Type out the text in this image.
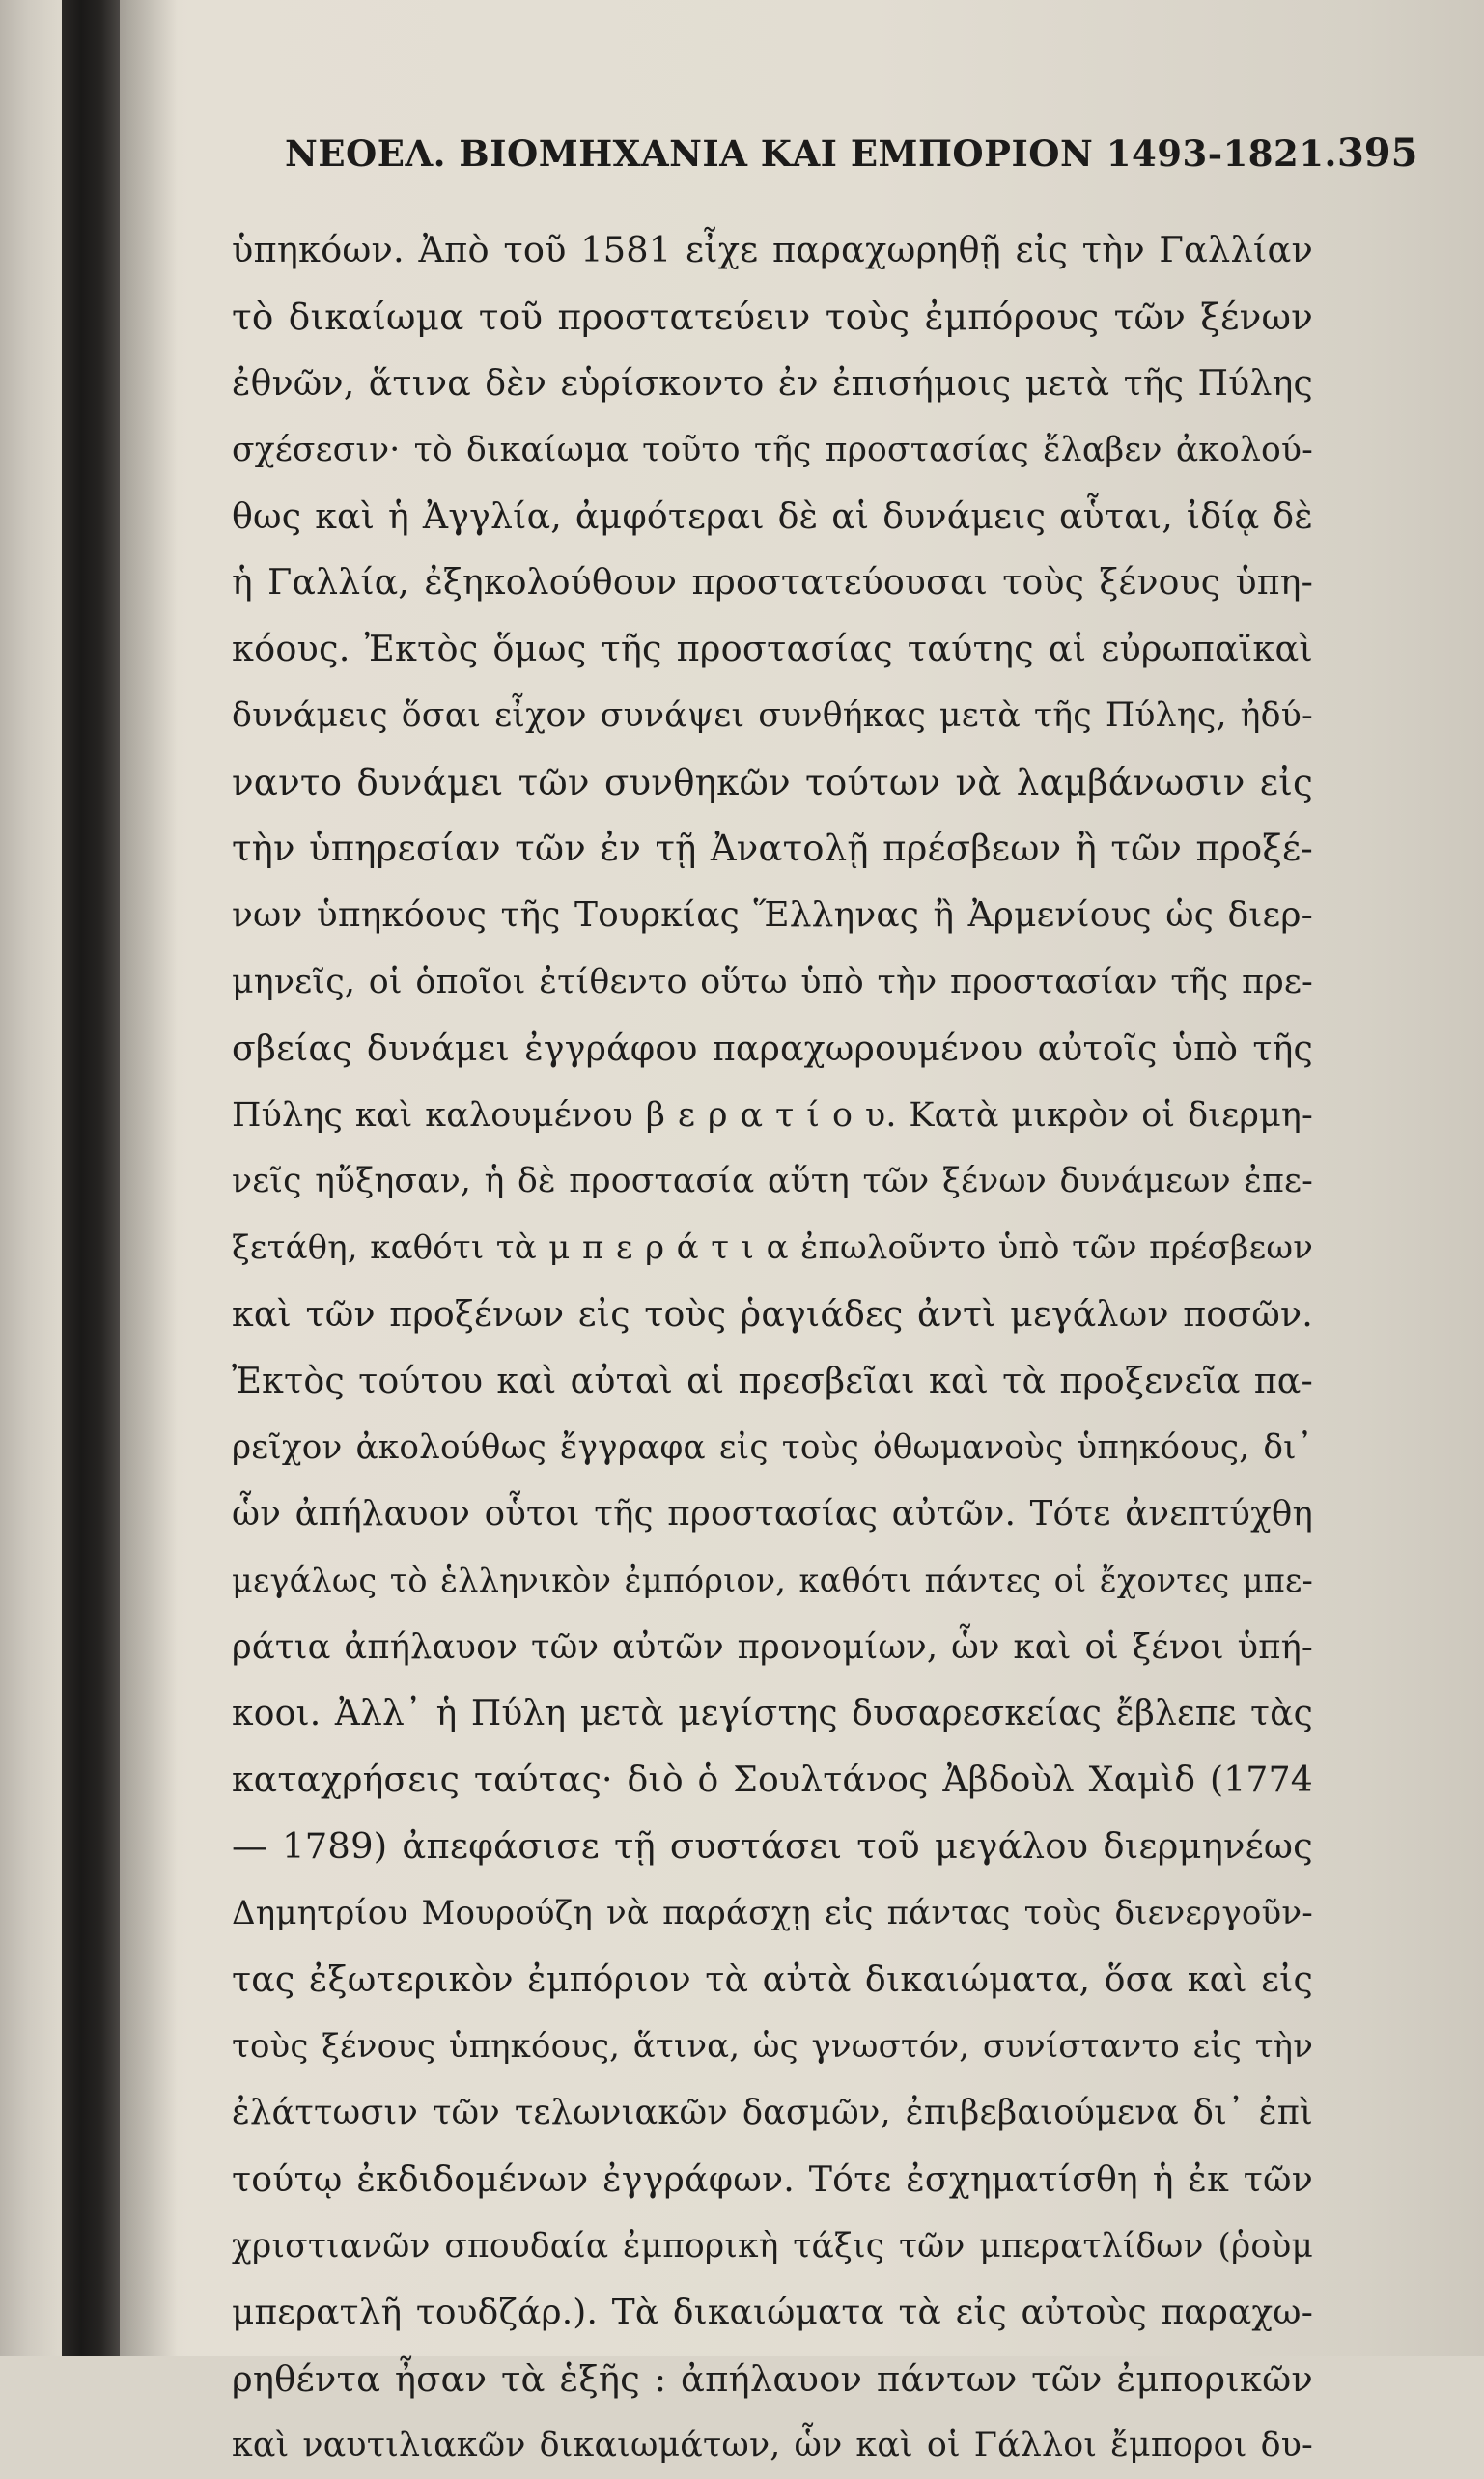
ΝΕΟΕΛ. ΒΙΟΜΗΧΑΝΙΑ ΚΑΙ ΕΜΠΟΡΙΟΝ 1493-1821. 395
ὑπηκόων. Ἀπὸ τοῦ 1581 εἶχε παραχωρηθῇ εἰς τὴν Γαλλίαν
τὸ δικαίωμα τοῦ προστατεύειν τοὺς ἐμπόρους τῶν ξένων
ἐθνῶν, ἅτινα δὲν εὑρίσκοντο ἐν ἐπισήμοις μετὰ τῆς Πύλης
σχέσεσιν· τὸ δικαίωμα τοῦτο τῆς προστασίας ἔλαβεν ἀκολού-
θως καὶ ἡ Ἀγγλία, ἀμφότεραι δὲ αἱ δυνάμεις αὗται, ἰδίᾳ δὲ
ἡ Γαλλία, ἐξηκολούθουν προστατεύουσαι τοὺς ξένους ὑπη-
κόους. Ἐκτὸς ὅμως τῆς προστασίας ταύτης αἱ εὐρωπαϊκαὶ
δυνάμεις ὅσαι εἶχον συνάψει συνθήκας μετὰ τῆς Πύλης, ἠδύ-
ναντο δυνάμει τῶν συνθηκῶν τούτων νὰ λαμβάνωσιν εἰς
τὴν ὑπηρεσίαν τῶν ἐν τῇ Ἀνατολῇ πρέσβεων ἢ τῶν προξέ-
νων ὑπηκόους τῆς Τουρκίας Ἕλληνας ἢ Ἀρμενίους ὡς διερ-
μηνεῖς, οἱ ὁποῖοι ἐτίθεντο οὕτω ὑπὸ τὴν προστασίαν τῆς πρε-
σβείας δυνάμει ἐγγράφου παραχωρουμένου αὐτοῖς ὑπὸ τῆς
Πύλης καὶ καλουμένου β ε ρ α τ ί ο υ. Κατὰ μικρὸν οἱ διερμη-
νεῖς ηὔξησαν, ἡ δὲ προστασία αὕτη τῶν ξένων δυνάμεων ἐπε-
ξετάθη, καθότι τὰ μ π ε ρ ά τ ι α ἐπωλοῦντο ὑπὸ τῶν πρέσβεων
καὶ τῶν προξένων εἰς τοὺς ῥαγιάδες ἀντὶ μεγάλων ποσῶν.
Ἐκτὸς τούτου καὶ αὐταὶ αἱ πρεσβεῖαι καὶ τὰ προξενεῖα πα-
ρεῖχον ἀκολούθως ἔγγραφα εἰς τοὺς ὀθωμανοὺς ὑπηκόους, δι᾽
ὧν ἀπήλαυον οὗτοι τῆς προστασίας αὐτῶν. Τότε ἀνεπτύχθη
μεγάλως τὸ ἑλληνικὸν ἐμπόριον, καθότι πάντες οἱ ἔχοντες μπε-
ράτια ἀπήλαυον τῶν αὐτῶν προνομίων, ὧν καὶ οἱ ξένοι ὑπή-
κοοι. Ἀλλ᾽ ἡ Πύλη μετὰ μεγίστης δυσαρεσκείας ἔβλεπε τὰς
καταχρήσεις ταύτας· διὸ ὁ Σουλτάνος Ἀβδοὺλ Χαμὶδ (1774
— 1789) ἀπεφάσισε τῇ συστάσει τοῦ μεγάλου διερμηνέως
Δημητρίου Μουρούζη νὰ παράσχῃ εἰς πάντας τοὺς διενεργοῦν-
τας ἐξωτερικὸν ἐμπόριον τὰ αὐτὰ δικαιώματα, ὅσα καὶ εἰς
τοὺς ξένους ὑπηκόους, ἅτινα, ὡς γνωστόν, συνίσταντο εἰς τὴν
ἐλάττωσιν τῶν τελωνιακῶν δασμῶν, ἐπιβεβαιούμενα δι᾽ ἐπὶ
τούτῳ ἐκδιδομένων ἐγγράφων. Τότε ἐσχηματίσθη ἡ ἐκ τῶν
χριστιανῶν σπουδαία ἐμπορικὴ τάξις τῶν μπερατλίδων (ῥοὺμ
μπερατλῆ τουδζάρ.). Τὰ δικαιώματα τὰ εἰς αὐτοὺς παραχω-
ρηθέντα ἦσαν τὰ ἑξῆς : ἀπήλαυον πάντων τῶν ἐμπορικῶν
καὶ ναυτιλιακῶν δικαιωμάτων, ὧν καὶ οἱ Γάλλοι ἔμποροι δυ-
